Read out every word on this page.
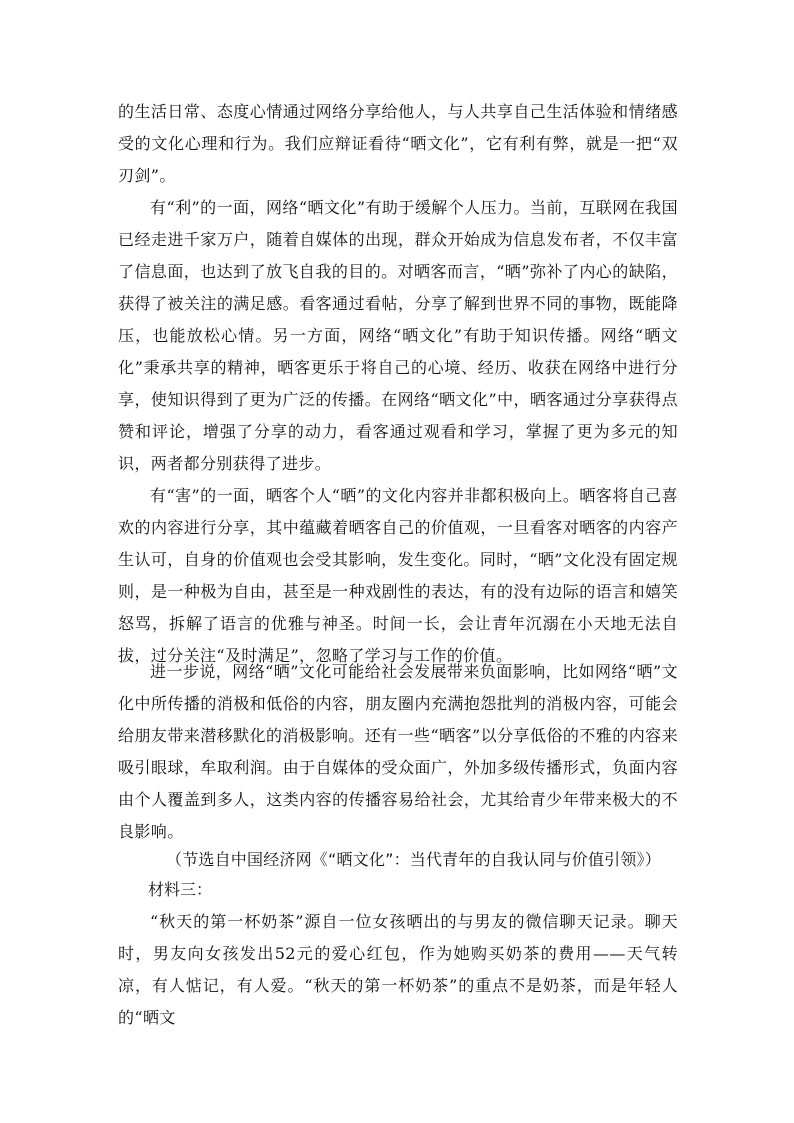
的生活日常、态度心情通过网络分享给他人，与人共享自己生活体验和情绪感受的文化心理和行为。我们应辩证看待“晒文化”，它有利有弊，就是一把“双刃剑”。

有“利”的一面，网络“晒文化”有助于缓解个人压力。当前，互联网在我国已经走进千家万户，随着自媒体的出现，群众开始成为信息发布者，不仅丰富了信息面，也达到了放飞自我的目的。对晒客而言，“晒”弥补了内心的缺陷，获得了被关注的满足感。看客通过看帖，分享了解到世界不同的事物，既能降压，也能放松心情。另一方面，网络“晒文化”有助于知识传播。网络“晒文化”秉承共享的精神，晒客更乐于将自己的心境、经历、收获在网络中进行分享，使知识得到了更为广泛的传播。在网络“晒文化”中，晒客通过分享获得点赞和评论，增强了分享的动力，看客通过观看和学习，掌握了更为多元的知识，两者都分别获得了进步。

有“害”的一面，晒客个人“晒”的文化内容并非都积极向上。晒客将自己喜欢的内容进行分享，其中蕴藏着晒客自己的价值观，一旦看客对晒客的内容产生认可，自身的价值观也会受其影响，发生变化。同时，“晒”文化没有固定规则，是一种极为自由，甚至是一种戏剧性的表达，有的没有边际的语言和嬉笑怒骂，拆解了语言的优雅与神圣。时间一长，会让青年沉溺在小天地无法自拔，过分关注“及时满足”，忽略了学习与工作的价值。

进一步说，网络“晒”文化可能给社会发展带来负面影响，比如网络“晒”文化中所传播的消极和低俗的内容，朋友圈内充满抱怨批判的消极内容，可能会给朋友带来潜移默化的消极影响。还有一些“晒客”以分享低俗的不雅的内容来吸引眼球，牟取利润。由于自媒体的受众面广，外加多级传播形式，负面内容由个人覆盖到多人，这类内容的传播容易给社会，尤其给青少年带来极大的不良影响。

（节选自中国经济网《“晒文化”：当代青年的自我认同与价值引领》）
材料三：

“秋天的第一杯奶茶”源自一位女孩晒出的与男友的微信聊天记录。聊天时，男友向女孩发出52元的爱心红包，作为她购买奶茶的费用——天气转凉，有人惦记，有人爱。“秋天的第一杯奶茶”的重点不是奶茶，而是年轻人的“晒文
